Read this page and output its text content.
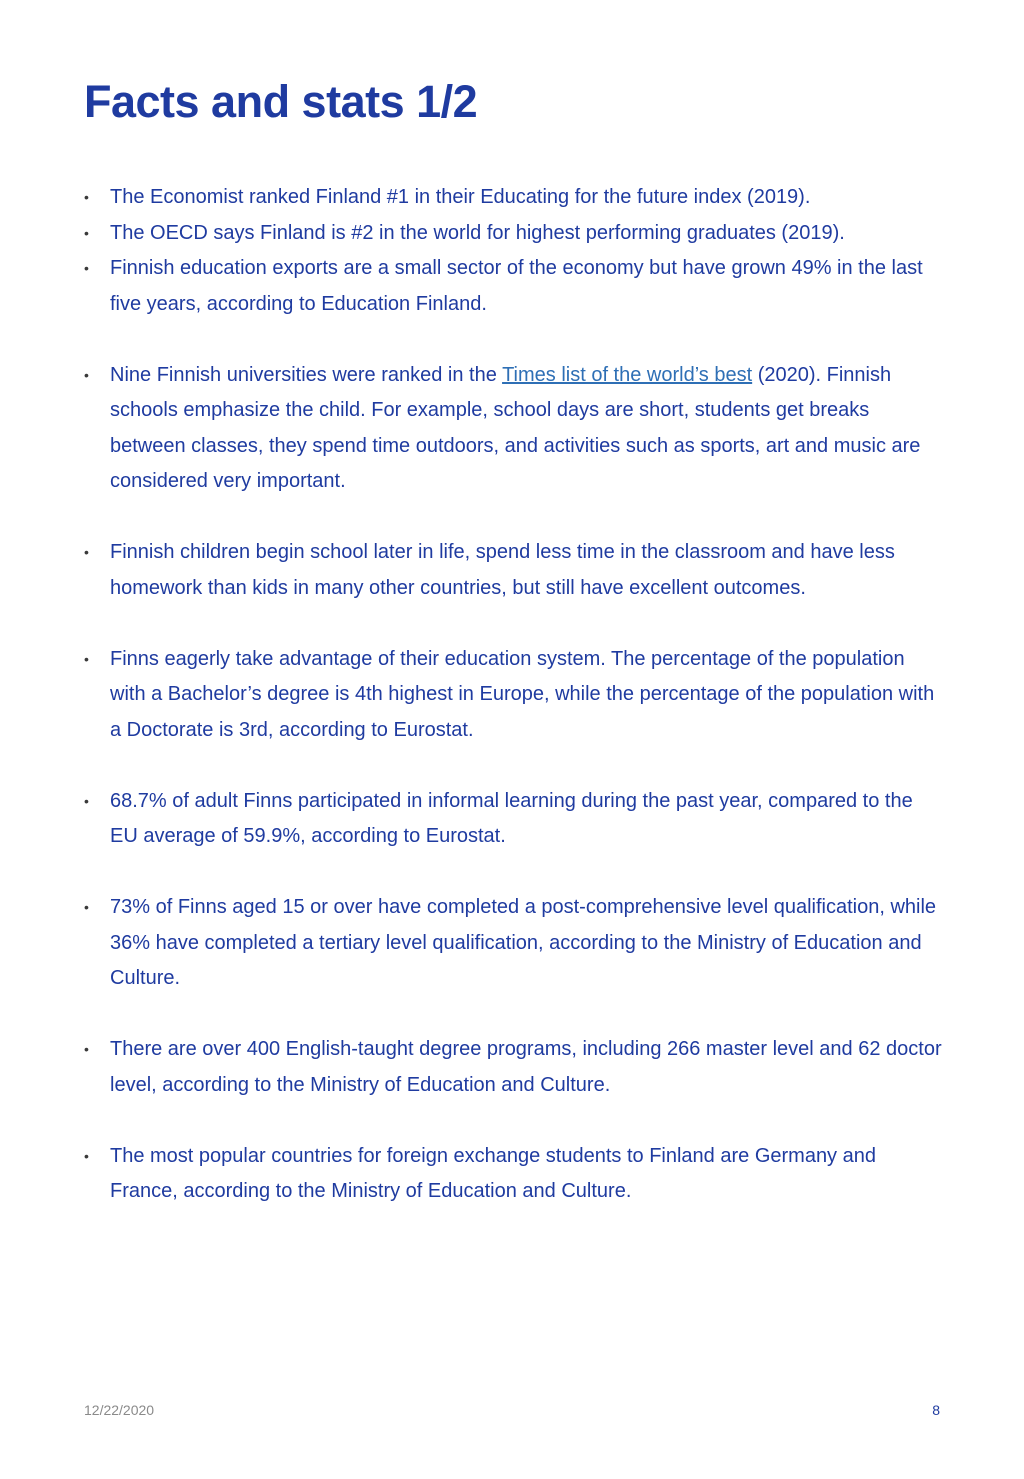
Facts and stats 1/2
• The Economist ranked Finland #1 in their Educating for the future index (2019).
• The OECD says Finland is #2 in the world for highest performing graduates (2019).
• Finnish education exports are a small sector of the economy but have grown 49% in the last five years, according to Education Finland.
• Nine Finnish universities were ranked in the Times list of the world’s best (2020). Finnish schools emphasize the child. For example, school days are short, students get breaks between classes, they spend time outdoors, and activities such as sports, art and music are considered very important.
• Finnish children begin school later in life, spend less time in the classroom and have less homework than kids in many other countries, but still have excellent outcomes.
• Finns eagerly take advantage of their education system. The percentage of the population with a Bachelor’s degree is 4th highest in Europe, while the percentage of the population with a Doctorate is 3rd, according to Eurostat.
• 68.7% of adult Finns participated in informal learning during the past year, compared to the EU average of 59.9%, according to Eurostat.
• 73% of Finns aged 15 or over have completed a post-comprehensive level qualification, while 36% have completed a tertiary level qualification, according to the Ministry of Education and Culture.
• There are over 400 English-taught degree programs, including 266 master level and 62 doctor level, according to the Ministry of Education and Culture.
• The most popular countries for foreign exchange students to Finland are Germany and France, according to the Ministry of Education and Culture.
12/22/2020	8
